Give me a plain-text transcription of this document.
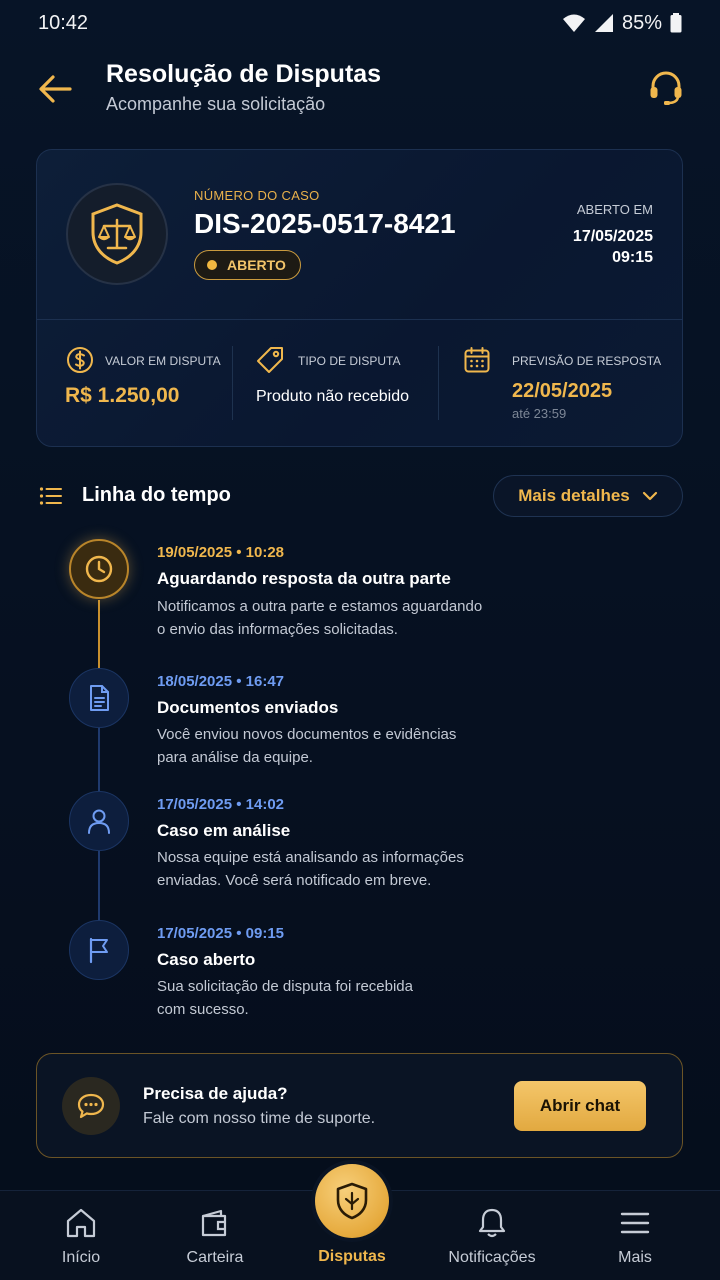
10:42	85%
Resolução de Disputas
Acompanhe sua solicitação
NÚMERO DO CASO
DIS-2025-0517-8421
ABERTO
ABERTO EM
17/05/2025
09:15
VALOR EM DISPUTA
R$ 1.250,00
TIPO DE DISPUTA
Produto não recebido
PREVISÃO DE RESPOSTA
22/05/2025
até 23:59
Linha do tempo	Mais detalhes
19/05/2025 • 10:28
Aguardando resposta da outra parte
Notificamos a outra parte e estamos aguardando
o envio das informações solicitadas.
18/05/2025 • 16:47
Documentos enviados
Você enviou novos documentos e evidências
para análise da equipe.
17/05/2025 • 14:02
Caso em análise
Nossa equipe está analisando as informações
enviadas. Você será notificado em breve.
17/05/2025 • 09:15
Caso aberto
Sua solicitação de disputa foi recebida
com sucesso.
Precisa de ajuda?
Fale com nosso time de suporte.
Abrir chat
Início	Carteira	Notificações	Mais
Disputas
